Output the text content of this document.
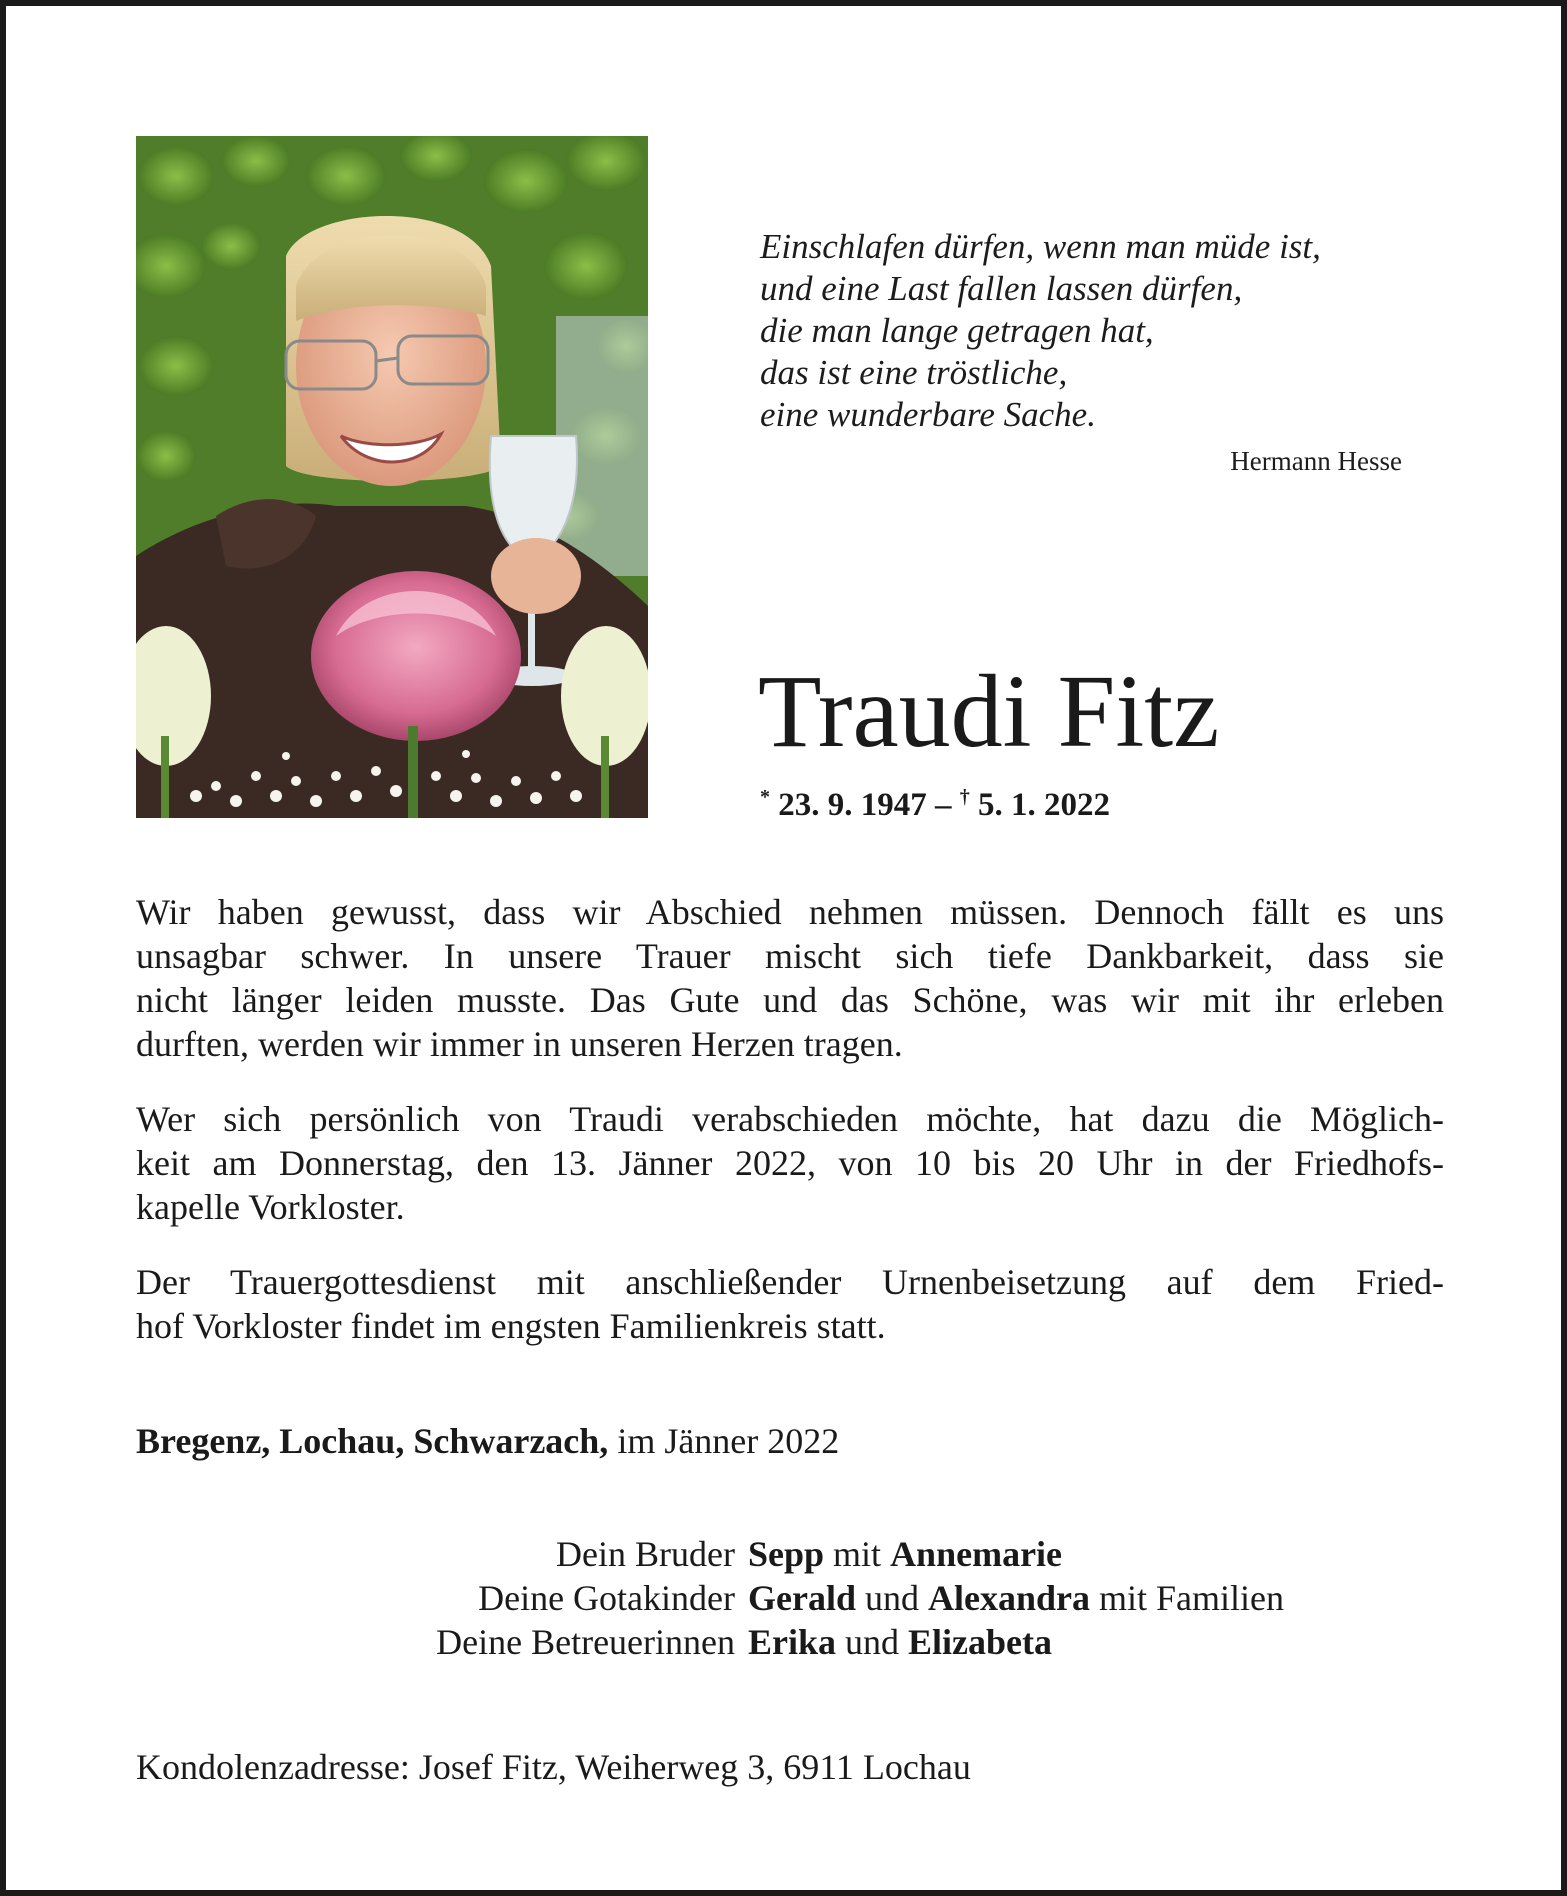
Einschlafen dürfen, wenn man müde ist,
und eine Last fallen lassen dürfen,
die man lange getragen hat,
das ist eine tröstliche,
eine wunderbare Sache.
Hermann Hesse
Traudi Fitz
* 23. 9. 1947 – † 5. 1. 2022
Wir haben gewusst, dass wir Abschied nehmen müssen. Dennoch fällt es uns
unsagbar schwer. In unsere Trauer mischt sich tiefe Dankbarkeit, dass sie
nicht länger leiden musste. Das Gute und das Schöne, was wir mit ihr erleben
durften, werden wir immer in unseren Herzen tragen.
Wer sich persönlich von Traudi verabschieden möchte, hat dazu die Möglich-
keit am Donnerstag, den 13. Jänner 2022, von 10 bis 20 Uhr in der Friedhofs-
kapelle Vorkloster.
Der Trauergottesdienst mit anschließender Urnenbeisetzung auf dem Fried-
hof Vorkloster findet im engsten Familienkreis statt.
Bregenz, Lochau, Schwarzach, im Jänner 2022
Dein Bruder Sepp mit Annemarie
Deine Gotakinder Gerald und Alexandra mit Familien
Deine Betreuerinnen Erika und Elizabeta
Kondolenzadresse: Josef Fitz, Weiherweg 3, 6911 Lochau
